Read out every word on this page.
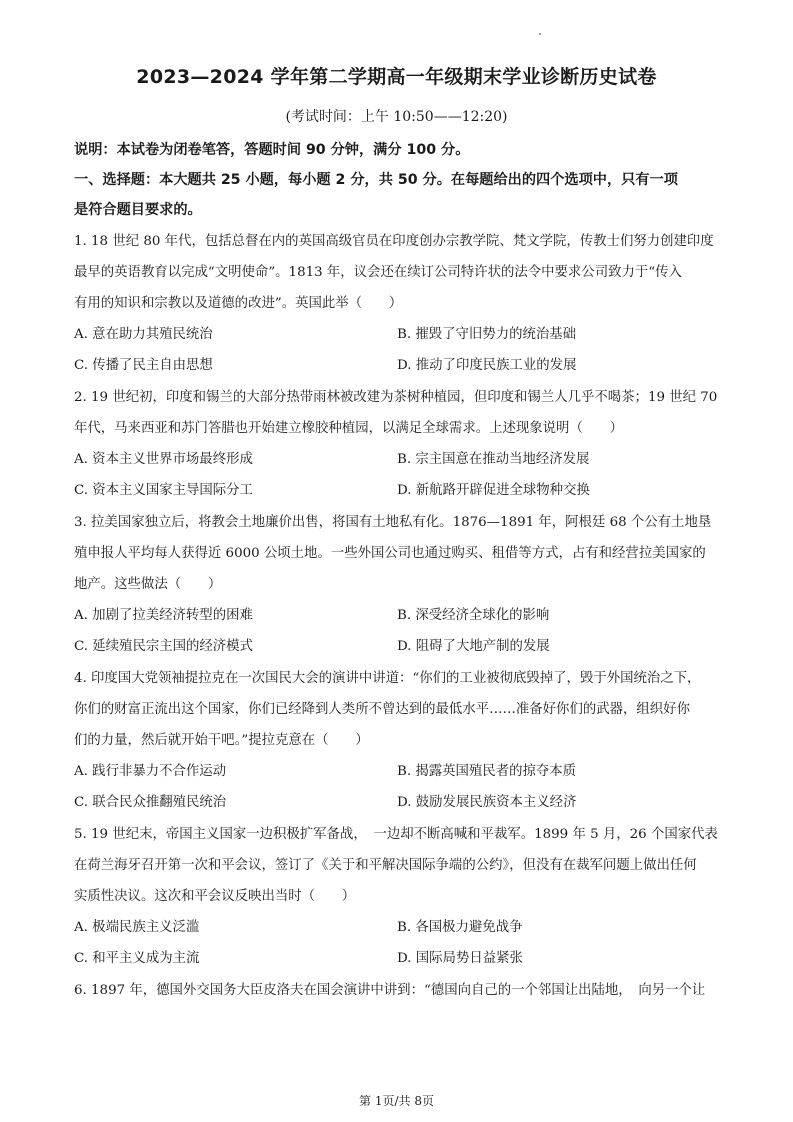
2023—2024 学年第二学期高一年级期末学业诊断历史试卷
(考试时间：上午 10:50——12:20)
说明：本试卷为闭卷笔答，答题时间 90 分钟，满分 100 分。
一、选择题：本大题共 25 小题，每小题 2 分，共 50 分。在每题给出的四个选项中，只有一项
是符合题目要求的。
1. 18 世纪 80 年代，包括总督在内的英国高级官员在印度创办宗教学院、梵文学院，传教士们努力创建印度
最早的英语教育以完成“文明使命”。1813 年，议会还在续订公司特许状的法令中要求公司致力于“传入
有用的知识和宗教以及道德的改进”。英国此举（　　）
A. 意在助力其殖民统治	B. 摧毁了守旧势力的统治基础
C. 传播了民主自由思想	D. 推动了印度民族工业的发展
2. 19 世纪初，印度和锡兰的大部分热带雨林被改建为茶树种植园，但印度和锡兰人几乎不喝茶；19 世纪 70
年代，马来西亚和苏门答腊也开始建立橡胶种植园，以满足全球需求。上述现象说明（　　）
A. 资本主义世界市场最终形成	B. 宗主国意在推动当地经济发展
C. 资本主义国家主导国际分工	D. 新航路开辟促进全球物种交换
3. 拉美国家独立后，将教会土地廉价出售，将国有土地私有化。1876—1891 年，阿根廷 68 个公有土地垦
殖申报人平均每人获得近 6000 公顷土地。一些外国公司也通过购买、租借等方式，占有和经营拉美国家的
地产。这些做法（　　）
A. 加剧了拉美经济转型的困难	B. 深受经济全球化的影响
C. 延续殖民宗主国的经济模式	D. 阻碍了大地产制的发展
4. 印度国大党领袖提拉克在一次国民大会的演讲中讲道：“你们的工业被彻底毁掉了，毁于外国统治之下，
你们的财富正流出这个国家，你们已经降到人类所不曾达到的最低水平……准备好你们的武器，组织好你
们的力量，然后就开始干吧。”提拉克意在（　　）
A. 践行非暴力不合作运动	B. 揭露英国殖民者的掠夺本质
C. 联合民众推翻殖民统治	D. 鼓励发展民族资本主义经济
5. 19 世纪末，帝国主义国家一边积极扩军备战，　一边却不断高喊和平裁军。1899 年 5 月，26 个国家代表
在荷兰海牙召开第一次和平会议，签订了《关于和平解决国际争端的公约》，但没有在裁军问题上做出任何
实质性决议。这次和平会议反映出当时（　　）
A. 极端民族主义泛滥	B. 各国极力避免战争
C. 和平主义成为主流	D. 国际局势日益紧张
6. 1897 年，德国外交国务大臣皮洛夫在国会演讲中讲到：“德国向自己的一个邻国让出陆地，　向另一个让
第 1页/共 8页
